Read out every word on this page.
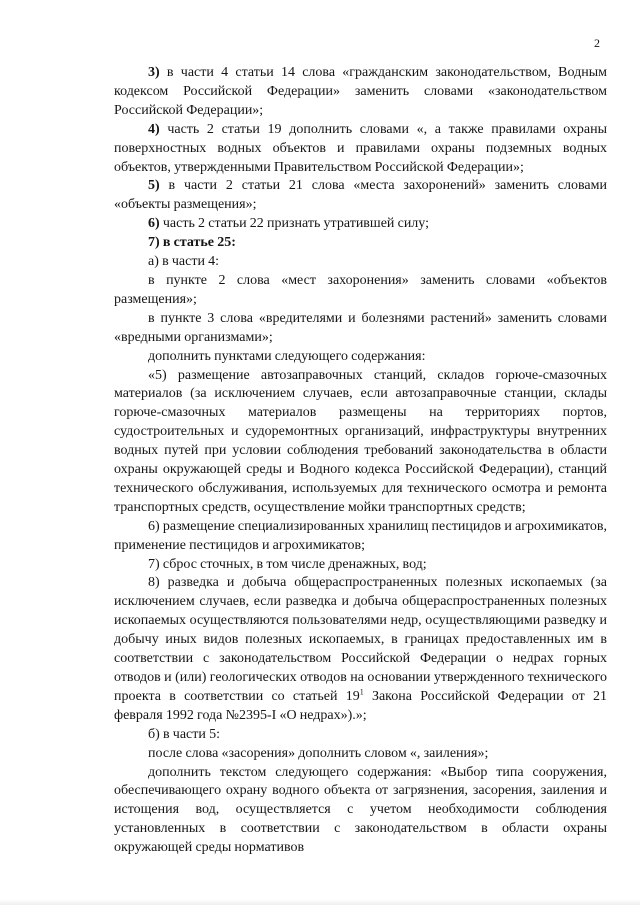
2

3) в части 4 статьи 14 слова «гражданским законодательством, Водным кодексом Российской Федерации» заменить словами «законодательством Российской Федерации»;

4) часть 2 статьи 19 дополнить словами «, а также правилами охраны поверхностных водных объектов и правилами охраны подземных водных объектов, утвержденными Правительством Российской Федерации»;

5) в части 2 статьи 21 слова «места захоронений» заменить словами «объекты размещения»;

6) часть 2 статьи 22 признать утратившей силу;

7) в статье 25:

а) в части 4:

в пункте 2 слова «мест захоронения» заменить словами «объектов размещения»;

в пункте 3 слова «вредителями и болезнями растений» заменить словами «вредными организмами»;

дополнить пунктами следующего содержания:

«5) размещение автозаправочных станций, складов горюче-смазочных материалов (за исключением случаев, если автозаправочные станции, склады горюче-смазочных материалов размещены на территориях портов, судостроительных и судоремонтных организаций, инфраструктуры внутренних водных путей при условии соблюдения требований законодательства в области охраны окружающей среды и Водного кодекса Российской Федерации), станций технического обслуживания, используемых для технического осмотра и ремонта транспортных средств, осуществление мойки транспортных средств;

6) размещение специализированных хранилищ пестицидов и агрохимикатов, применение пестицидов и агрохимикатов;

7) сброс сточных, в том числе дренажных, вод;

8) разведка и добыча общераспространенных полезных ископаемых (за исключением случаев, если разведка и добыча общераспространенных полезных ископаемых осуществляются пользователями недр, осуществляющими разведку и добычу иных видов полезных ископаемых, в границах предоставленных им в соответствии с законодательством Российской Федерации о недрах горных отводов и (или) геологических отводов на основании утвержденного технического проекта в соответствии со статьей $19^1$ Закона Российской Федерации от 21 февраля 1992 года №2395-I «О недрах»).»;

б) в части 5:

после слова «засорения» дополнить словом «, заиления»;

дополнить текстом следующего содержания: «Выбор типа сооружения, обеспечивающего охрану водного объекта от загрязнения, засорения, заиления и истощения вод, осуществляется с учетом необходимости соблюдения установленных в соответствии с законодательством в области охраны окружающей среды нормативов
